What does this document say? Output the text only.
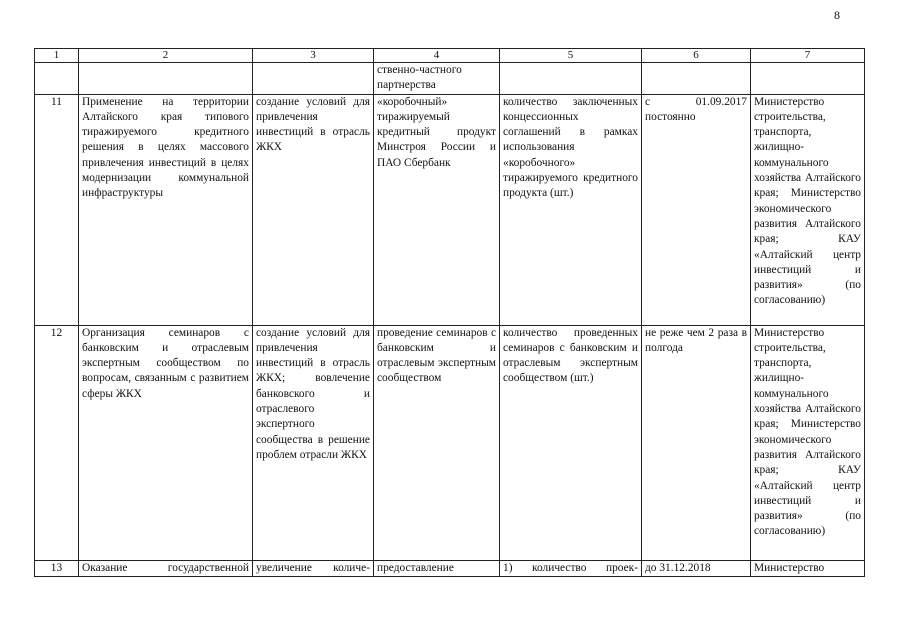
8
1	2	3	4	5	6	7

			ственно-частного
партнерства			

11	Применение на территории Алтайского края типового тиражируемого кредитного решения в целях массового привлечения инвестиций в целях модернизации коммунальной инфраструктуры	создание условий для привлечения инвестиций в отрасль ЖКХ	«коробочный» тиражируемый кредитный продукт Минстроя России и ПАО Сбербанк	количество заключенных концессионных соглашений в рамках использования «коробочного» тиражируемого кредитного продукта (шт.)	с 01.09.2017 постоянно	Министерство строительства, транспорта, жилищно-коммунального хозяйства Алтайского края; Министерство экономического развития Алтайского края; КАУ «Алтайский центр инвестиций и развития» (по согласованию)
12	Организация семинаров с банковским и отраслевым экспертным сообществом по вопросам, связанным с развитием сферы ЖКХ	создание условий для привлечения инвестиций в отрасль ЖКХ; вовлечение банковского и отраслевого экспертного сообщества в решение проблем отрасли ЖКХ	проведение семинаров с банковским и отраслевым экспертным сообществом	количество проведенных семинаров с банковским и отраслевым экспертным сообществом (шт.)	не реже чем 2 раза в полгода	Министерство строительства, транспорта, жилищно-коммунального хозяйства Алтайского края; Министерство экономического развития Алтайского края; КАУ «Алтайский центр инвестиций и развития» (по согласованию)
13	Оказание государственной	увеличение количе-	предоставление	1) количество проек-	до 31.12.2018	Министерство
